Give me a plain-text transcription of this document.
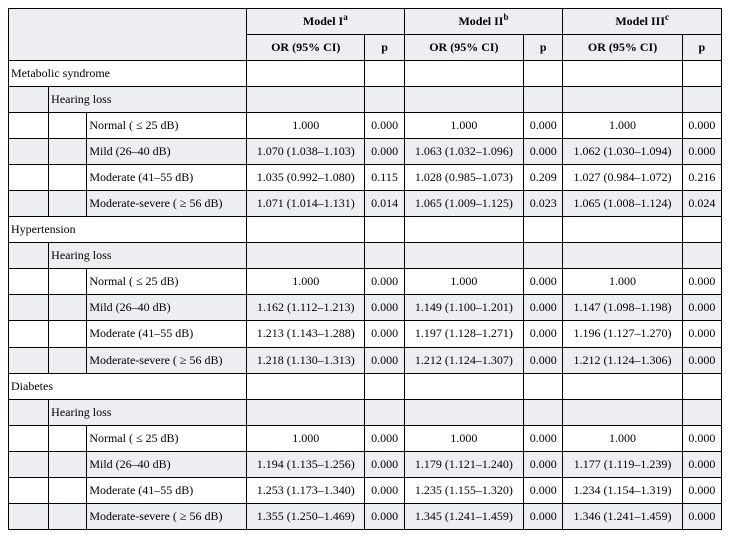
			Model $I^a$		Model $II^b$		Model III$^c$
			OR (95% CI)	p	OR (95% CI)	p	OR (95% CI)	p
Metabolic syndrome								
	Hearing loss							
		Normal ( ≤ 25 dB)	1.000	0.000	1.000	0.000	1.000	0.000
		Mild (26–40 dB)	1.070 (1.038–1.103)	0.000	1.063 (1.032–1.096)	0.000	1.062 (1.030–1.094)	0.000
		Moderate (41–55 dB)	1.035 (0.992–1.080)	0.115	1.028 (0.985–1.073)	0.209	1.027 (0.984–1.072)	0.216
		Moderate-severe ( ≥ 56 dB)	1.071 (1.014–1.131)	0.014	1.065 (1.009–1.125)	0.023	1.065 (1.008–1.124)	0.024
Hypertension								
	Hearing loss							
		Normal ( ≤ 25 dB)	1.000	0.000	1.000	0.000	1.000	0.000
		Mild (26–40 dB)	1.162 (1.112–1.213)	0.000	1.149 (1.100–1.201)	0.000	1.147 (1.098–1.198)	0.000
		Moderate (41–55 dB)	1.213 (1.143–1.288)	0.000	1.197 (1.128–1.271)	0.000	1.196 (1.127–1.270)	0.000
		Moderate-severe ( ≥ 56 dB)	1.218 (1.130–1.313)	0.000	1.212 (1.124–1.307)	0.000	1.212 (1.124–1.306)	0.000
Diabetes								
	Hearing loss							
		Normal ( ≤ 25 dB)	1.000	0.000	1.000	0.000	1.000	0.000
		Mild (26–40 dB)	1.194 (1.135–1.256)	0.000	1.179 (1.121–1.240)	0.000	1.177 (1.119–1.239)	0.000
		Moderate (41–55 dB)	1.253 (1.173–1.340)	0.000	1.235 (1.155–1.320)	0.000	1.234 (1.154–1.319)	0.000
		Moderate-severe ( ≥ 56 dB)	1.355 (1.250–1.469)	0.000	1.345 (1.241–1.459)	0.000	1.346 (1.241–1.459)	0.000
